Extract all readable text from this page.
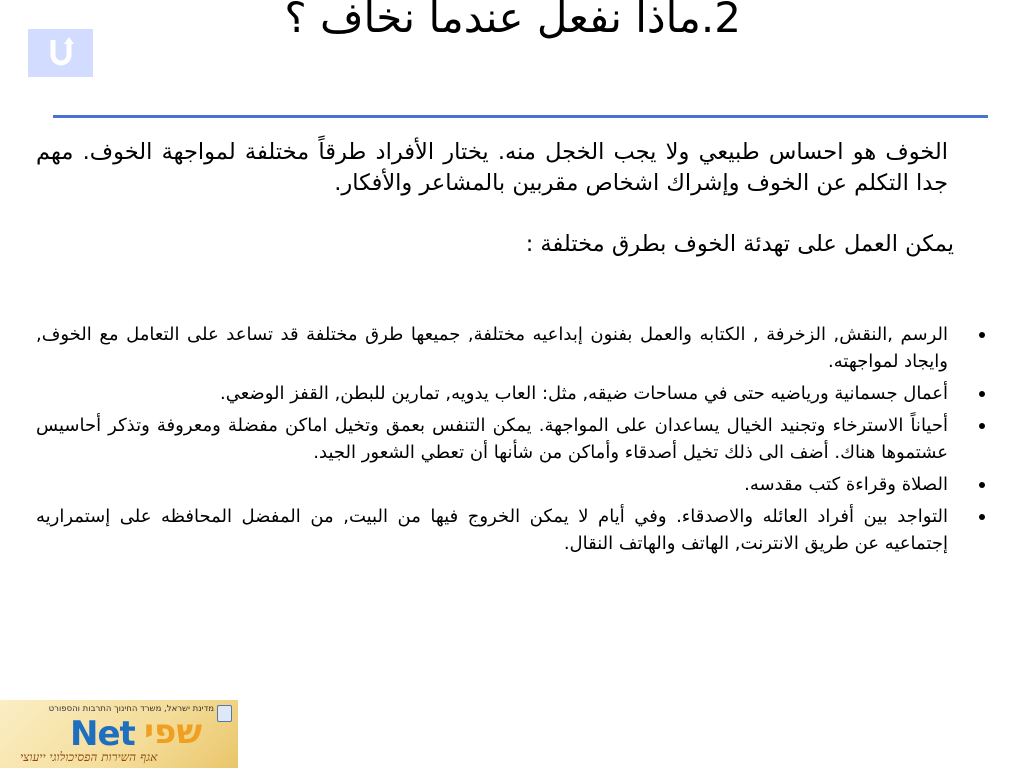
2.ماذا نفعل عندما نخاف ؟
الخوف هو احساس طبيعي ولا يجب الخجل منه. يختار الأفراد طرقاً مختلفة لمواجهة الخوف. مهم جدا التكلم عن الخوف وإشراك اشخاص مقربين بالمشاعر والأفكار.
يمكن العمل على تهدئة الخوف بطرق مختلفة :
الرسم ,النقش, الزخرفة , الكتابه والعمل بفنون إبداعيه مختلفة, جميعها طرق مختلفة قد تساعد على التعامل مع الخوف, وايجاد لمواجهته.
أعمال جسمانية ورياضيه حتى في مساحات ضيقه, مثل: العاب يدويه, تمارين للبطن, القفز الوضعي.
أحياناً الاسترخاء وتجنيد الخيال يساعدان على المواجهة. يمكن التنفس بعمق وتخيل اماكن مفضلة ومعروفة وتذكر أحاسيس عشتموها هناك. أضف الى ذلك تخيل أصدقاء وأماكن من شأنها أن تعطي الشعور الجيد.
الصلاة وقراءة كتب مقدسه.
التواجد بين أفراد العائله والاصدقاء. وفي أيام لا يمكن الخروج فيها من البيت, من المفضل المحافظه على إستمراريه إجتماعيه عن طريق الانترنت, الهاتف والهاتف النقال.
מדינת ישראל, משרד החינוך התרבות והספורט
Net שפי
אגף השירות הפסיכולוגי ייעוצי
